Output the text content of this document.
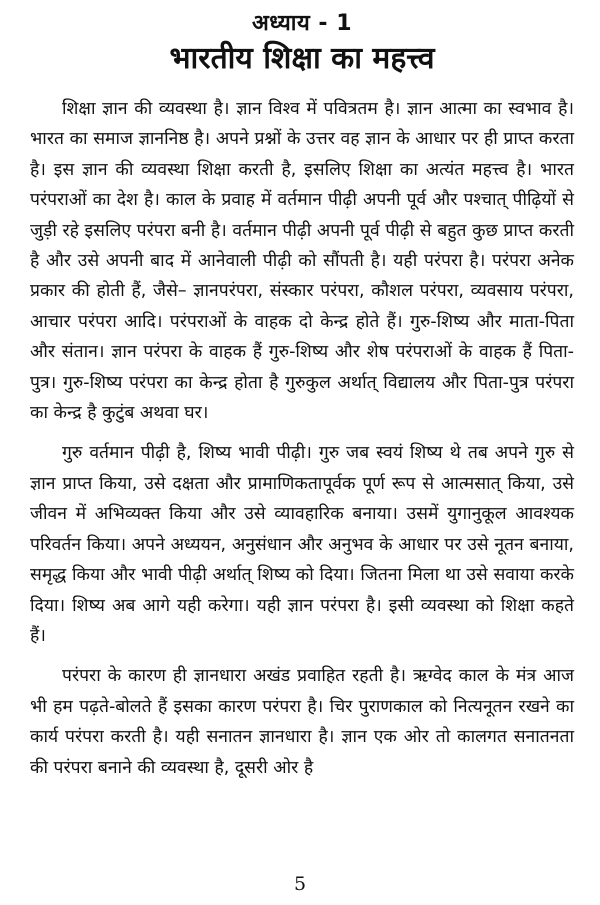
अध्याय - 1
भारतीय शिक्षा का महत्त्व

शिक्षा ज्ञान की व्यवस्था है। ज्ञान विश्व में पवित्रतम है। ज्ञान आत्मा का स्वभाव है। भारत का समाज ज्ञाननिष्ठ है। अपने प्रश्नों के उत्तर वह ज्ञान के आधार पर ही प्राप्त करता है। इस ज्ञान की व्यवस्था शिक्षा करती है, इसलिए शिक्षा का अत्यंत महत्त्व है। भारत परंपराओं का देश है। काल के प्रवाह में वर्तमान पीढ़ी अपनी पूर्व और पश्चात् पीढ़ियों से जुड़ी रहे इसलिए परंपरा बनी है। वर्तमान पीढ़ी अपनी पूर्व पीढ़ी से बहुत कुछ प्राप्त करती है और उसे अपनी बाद में आनेवाली पीढ़ी को सौंपती है। यही परंपरा है। परंपरा अनेक प्रकार की होती हैं, जैसे– ज्ञानपरंपरा, संस्कार परंपरा, कौशल परंपरा, व्यवसाय परंपरा, आचार परंपरा आदि। परंपराओं के वाहक दो केन्द्र होते हैं। गुरु-शिष्य और माता-पिता और संतान। ज्ञान परंपरा के वाहक हैं गुरु-शिष्य और शेष परंपराओं के वाहक हैं पिता-पुत्र। गुरु-शिष्य परंपरा का केन्द्र होता है गुरुकुल अर्थात् विद्यालय और पिता-पुत्र परंपरा का केन्द्र है कुटुंब अथवा घर।

गुरु वर्तमान पीढ़ी है, शिष्य भावी पीढ़ी। गुरु जब स्वयं शिष्य थे तब अपने गुरु से ज्ञान प्राप्त किया, उसे दक्षता और प्रामाणिकतापूर्वक पूर्ण रूप से आत्मसात् किया, उसे जीवन में अभिव्यक्त किया और उसे व्यावहारिक बनाया। उसमें युगानुकूल आवश्यक परिवर्तन किया। अपने अध्ययन, अनुसंधान और अनुभव के आधार पर उसे नूतन बनाया, समृद्ध किया और भावी पीढ़ी अर्थात् शिष्य को दिया। जितना मिला था उसे सवाया करके दिया। शिष्य अब आगे यही करेगा। यही ज्ञान परंपरा है। इसी व्यवस्था को शिक्षा कहते हैं।

परंपरा के कारण ही ज्ञानधारा अखंड प्रवाहित रहती है। ऋग्वेद काल के मंत्र आज भी हम पढ़ते-बोलते हैं इसका कारण परंपरा है। चिर पुराणकाल को नित्यनूतन रखने का कार्य परंपरा करती है। यही सनातन ज्ञानधारा है। ज्ञान एक ओर तो कालगत सनातनता की परंपरा बनाने की व्यवस्था है, दूसरी ओर है

5
